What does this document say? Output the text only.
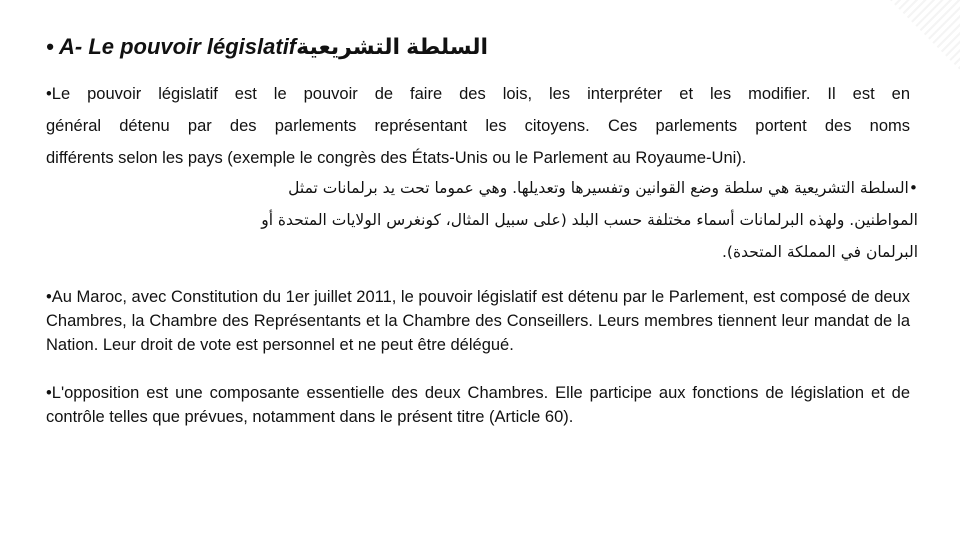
• A- Le pouvoir législatifالسلطة التشريعية
•Le pouvoir législatif est le pouvoir de faire des lois, les interpréter et les modifier. Il est en
général détenu par des parlements représentant les citoyens. Ces parlements portent des noms
différents selon les pays (exemple le congrès des États-Unis ou le Parlement au Royaume-Uni).
•السلطة التشريعية هي سلطة وضع القوانين وتفسيرها وتعديلها. وهي عموما تحت يد برلمانات تمثل
المواطنين. ولهذه البرلمانات أسماء مختلفة حسب البلد (على سبيل المثال، كونغرس الولايات المتحدة أو
البرلمان في المملكة المتحدة).
•Au Maroc, avec Constitution du 1er juillet 2011, le pouvoir législatif est détenu par le Parlement, est composé de deux Chambres, la Chambre des Représentants et la Chambre des Conseillers. Leurs membres tiennent leur mandat de la Nation. Leur droit de vote est personnel et ne peut être délégué.
•L'opposition est une composante essentielle des deux Chambres. Elle participe aux fonctions de législation et de contrôle telles que prévues, notamment dans le présent titre (Article 60).
